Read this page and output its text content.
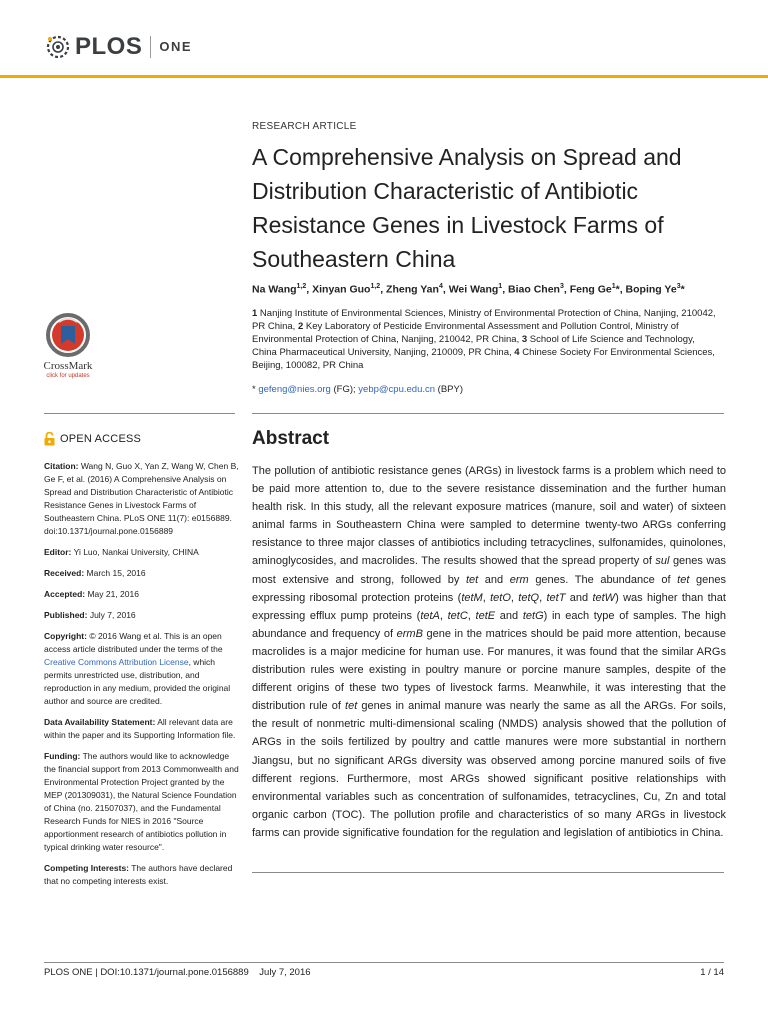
PLOS ONE
CrossMark
click for updates
OPEN ACCESS
Citation: Wang N, Guo X, Yan Z, Wang W, Chen B, Ge F, et al. (2016) A Comprehensive Analysis on Spread and Distribution Characteristic of Antibiotic Resistance Genes in Livestock Farms of Southeastern China. PLoS ONE 11(7): e0156889. doi:10.1371/journal.pone.0156889
Editor: Yi Luo, Nankai University, CHINA
Received: March 15, 2016
Accepted: May 21, 2016
Published: July 7, 2016
Copyright: © 2016 Wang et al. This is an open access article distributed under the terms of the Creative Commons Attribution License, which permits unrestricted use, distribution, and reproduction in any medium, provided the original author and source are credited.
Data Availability Statement: All relevant data are within the paper and its Supporting Information file.
Funding: The authors would like to acknowledge the financial support from 2013 Commonwealth and Environmental Protection Project granted by the MEP (201309031), the Natural Science Foundation of China (no. 21507037), and the Fundamental Research Funds for NIES in 2016 "Source apportionment research of antibiotics pollution in typical drinking water resource".
Competing Interests: The authors have declared that no competing interests exist.
RESEARCH ARTICLE
A Comprehensive Analysis on Spread and Distribution Characteristic of Antibiotic Resistance Genes in Livestock Farms of Southeastern China
Na Wang$^{1,2}$, Xinyan Guo$^{1,2}$, Zheng Yan$^4$, Wei Wang$^1$, Biao Chen$^3$, Feng Ge$^1$*, Boping Ye$^3$*
1 Nanjing Institute of Environmental Sciences, Ministry of Environmental Protection of China, Nanjing, 210042, PR China, 2 Key Laboratory of Pesticide Environmental Assessment and Pollution Control, Ministry of Environmental Protection of China, Nanjing, 210042, PR China, 3 School of Life Science and Technology, China Pharmaceutical University, Nanjing, 210009, PR China, 4 Chinese Society For Environmental Sciences, Beijing, 100082, PR China
* gefeng@nies.org (FG); yebp@cpu.edu.cn (BPY)
Abstract

The pollution of antibiotic resistance genes (ARGs) in livestock farms is a problem which need to be paid more attention to, due to the severe resistance dissemination and the further human health risk. In this study, all the relevant exposure matrices (manure, soil and water) of sixteen animal farms in Southeastern China were sampled to determine twenty-two ARGs conferring resistance to three major classes of antibiotics including tetracyclines, sulfonamides, quinolones, aminoglycosides, and macrolides. The results showed that the spread property of sul genes was most extensive and strong, followed by tet and erm genes. The abundance of tet genes expressing ribosomal protection proteins (tetM, tetO, tetQ, tetT and tetW) was higher than that expressing efflux pump proteins (tetA, tetC, tetE and tetG) in each type of samples. The high abundance and frequency of ermB gene in the matrices should be paid more attention, because macrolides is a major medicine for human use. For manures, it was found that the similar ARGs distribution rules were existing in poultry manure or porcine manure samples, despite of the different origins of these two types of livestock farms. Meanwhile, it was interesting that the distribution rule of tet genes in animal manure was nearly the same as all the ARGs. For soils, the result of nonmetric multi-dimensional scaling (NMDS) analysis showed that the pollution of ARGs in the soils fertilized by poultry and cattle manures were more substantial in northern Jiangsu, but no significant ARGs diversity was observed among porcine manured soils of five different regions. Furthermore, most ARGs showed significant positive relationships with environmental variables such as concentration of sulfonamides, tetracyclines, Cu, Zn and total organic carbon (TOC). The pollution profile and characteristics of so many ARGs in livestock farms can provide significative foundation for the regulation and legislation of antibiotics in China.

PLOS ONE | DOI:10.1371/journal.pone.0156889    July 7, 2016	1 / 14
